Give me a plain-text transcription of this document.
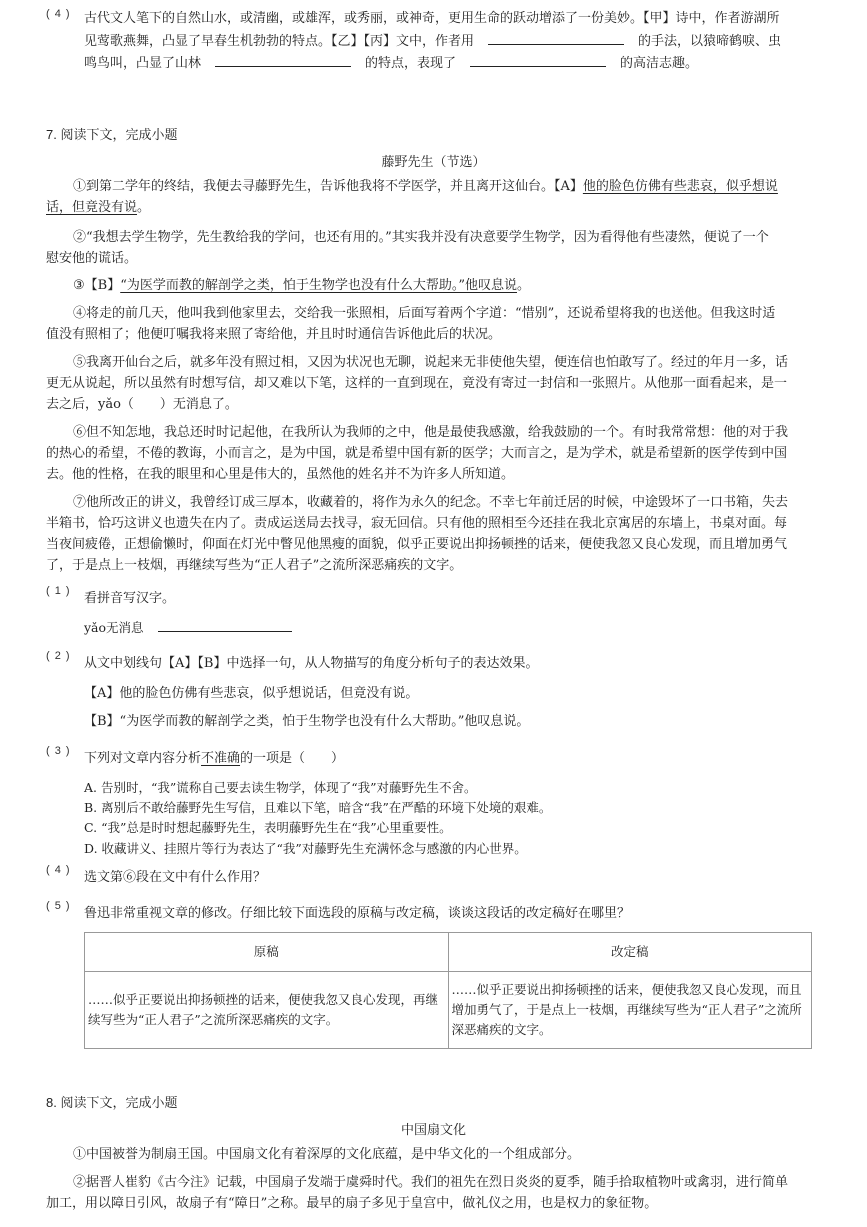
( 4 ) 古代文人笔下的自然山水，或清幽，或雄浑，或秀丽，或神奇，更用生命的跃动增添了一份美妙。【甲】诗中，作者游湖所
见莺歌燕舞，凸显了早春生机勃勃的特点。【乙】【丙】文中，作者用	的手法，以猿啼鹤唳、虫
鸣鸟叫，凸显了山林	的特点，表现了	的高洁志趣。
7. 阅读下文，完成小题
藤野先生（节选）
①到第二学年的终结，我便去寻藤野先生，告诉他我将不学医学，并且离开这仙台。【A】他的脸色仿佛有些悲哀，似乎想说
话，但竟没有说。
②“我想去学生物学，先生教给我的学问，也还有用的。”其实我并没有决意要学生物学，因为看得他有些凄然，便说了一个
慰安他的谎话。
③【B】“为医学而教的解剖学之类，怕于生物学也没有什么大帮助。”他叹息说。
④将走的前几天，他叫我到他家里去，交给我一张照相，后面写着两个字道：“惜别”，还说希望将我的也送他。但我这时适
值没有照相了；他便叮嘱我将来照了寄给他，并且时时通信告诉他此后的状况。
⑤我离开仙台之后，就多年没有照过相，又因为状况也无聊，说起来无非使他失望，便连信也怕敢写了。经过的年月一多，话
更无从说起，所以虽然有时想写信，却又难以下笔，这样的一直到现在，竟没有寄过一封信和一张照片。从他那一面看起来，是一
去之后，yǎo（　　）无消息了。
⑥但不知怎地，我总还时时记起他，在我所认为我师的之中，他是最使我感激，给我鼓励的一个。有时我常常想：他的对于我
的热心的希望，不倦的教诲，小而言之，是为中国，就是希望中国有新的医学；大而言之，是为学术，就是希望新的医学传到中国
去。他的性格，在我的眼里和心里是伟大的，虽然他的姓名并不为许多人所知道。
⑦他所改正的讲义，我曾经订成三厚本，收藏着的，将作为永久的纪念。不幸七年前迁居的时候，中途毁坏了一口书箱，失去
半箱书，恰巧这讲义也遗失在内了。责成运送局去找寻，寂无回信。只有他的照相至今还挂在我北京寓居的东墙上，书桌对面。每
当夜间疲倦，正想偷懒时，仰面在灯光中瞥见他黑瘦的面貌，似乎正要说出抑扬顿挫的话来，便使我忽又良心发现，而且增加勇气
了，于是点上一枝烟，再继续写些为“正人君子”之流所深恶痛疾的文字。
( 1 ) 看拼音写汉字。
yǎo无消息
( 2 ) 从文中划线句【A】【B】中选择一句，从人物描写的角度分析句子的表达效果。
【A】他的脸色仿佛有些悲哀，似乎想说话，但竟没有说。
【B】“为医学而教的解剖学之类，怕于生物学也没有什么大帮助。”他叹息说。
( 3 ) 下列对文章内容分析不准确的一项是（　　）
A. 告别时，“我”谎称自己要去读生物学，体现了“我”对藤野先生不舍。
B. 离别后不敢给藤野先生写信，且难以下笔，暗含“我”在严酷的环境下处境的艰难。
C. “我”总是时时想起藤野先生，表明藤野先生在“我”心里重要性。
D. 收藏讲义、挂照片等行为表达了“我”对藤野先生充满怀念与感激的内心世界。
( 4 ) 选文第⑥段在文中有什么作用？
( 5 ) 鲁迅非常重视文章的修改。仔细比较下面选段的原稿与改定稿，谈谈这段话的改定稿好在哪里？
原稿	改定稿
……似乎正要说出抑扬顿挫的话来，便使我忽又良心发现，再继续写些为“正人君子”之流所深恶痛疾的文字。	……似乎正要说出抑扬顿挫的话来，便使我忽又良心发现，而且增加勇气了，于是点上一枝烟，再继续写些为“正人君子”之流所深恶痛疾的文字。
8. 阅读下文，完成小题
中国扇文化
①中国被誉为制扇王国。中国扇文化有着深厚的文化底蕴，是中华文化的一个组成部分。
②据晋人崔豹《古今注》记载，中国扇子发端于虞舜时代。我们的祖先在烈日炎炎的夏季，随手拾取植物叶或禽羽，进行简单
加工，用以障日引风，故扇子有“障日”之称。最早的扇子多见于皇宫中，做礼仪之用，也是权力的象征物。
